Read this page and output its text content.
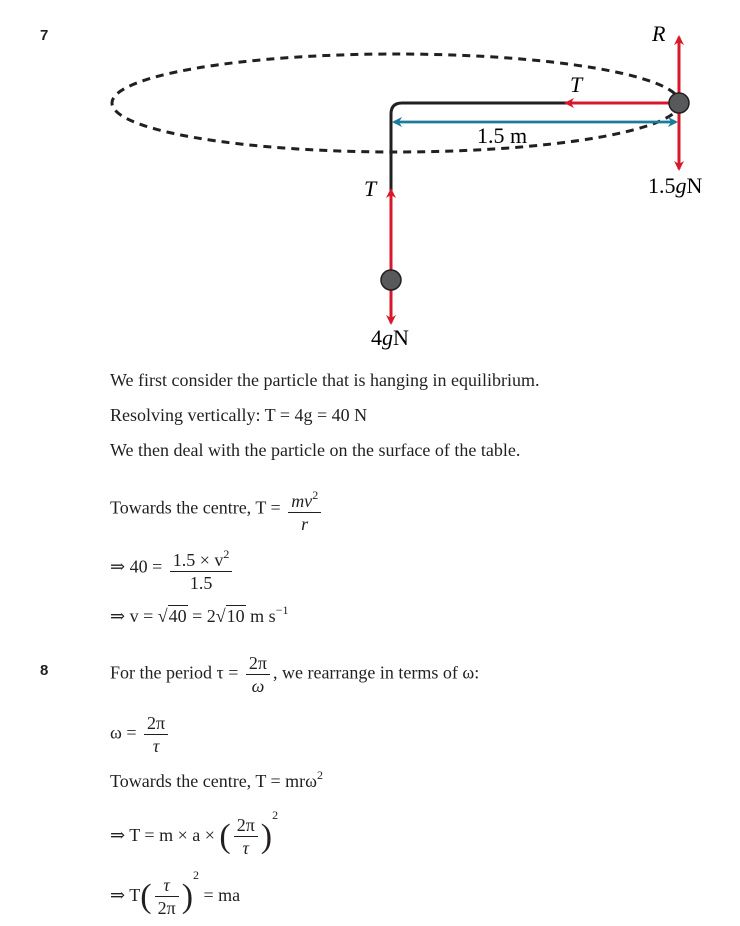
7
8
R
T
1.5 m
T	1.5gN
4gN
We first consider the particle that is hanging in equilibrium.
Resolving vertically: T = 4g = 40 N
We then deal with the particle on the surface of the table.
Towards the centre, $T = \frac{mv^2}{r}$
⇒ $40 = \frac{1.5 \times v^2}{1.5}$
⇒ v = √40 = 2√10 m $s^{-1}$
For the period $\tau = \frac{2\pi}{\omega}$ , we rearrange in terms of ω:
$\omega = \frac{2\pi}{\tau}$
Towards the centre, T = mrω$^2$
⇒ T = m × a × ( $\frac{2\pi}{\tau} )^2$
⇒ $T( \frac{\tau}{2\pi} )^2$ = ma
